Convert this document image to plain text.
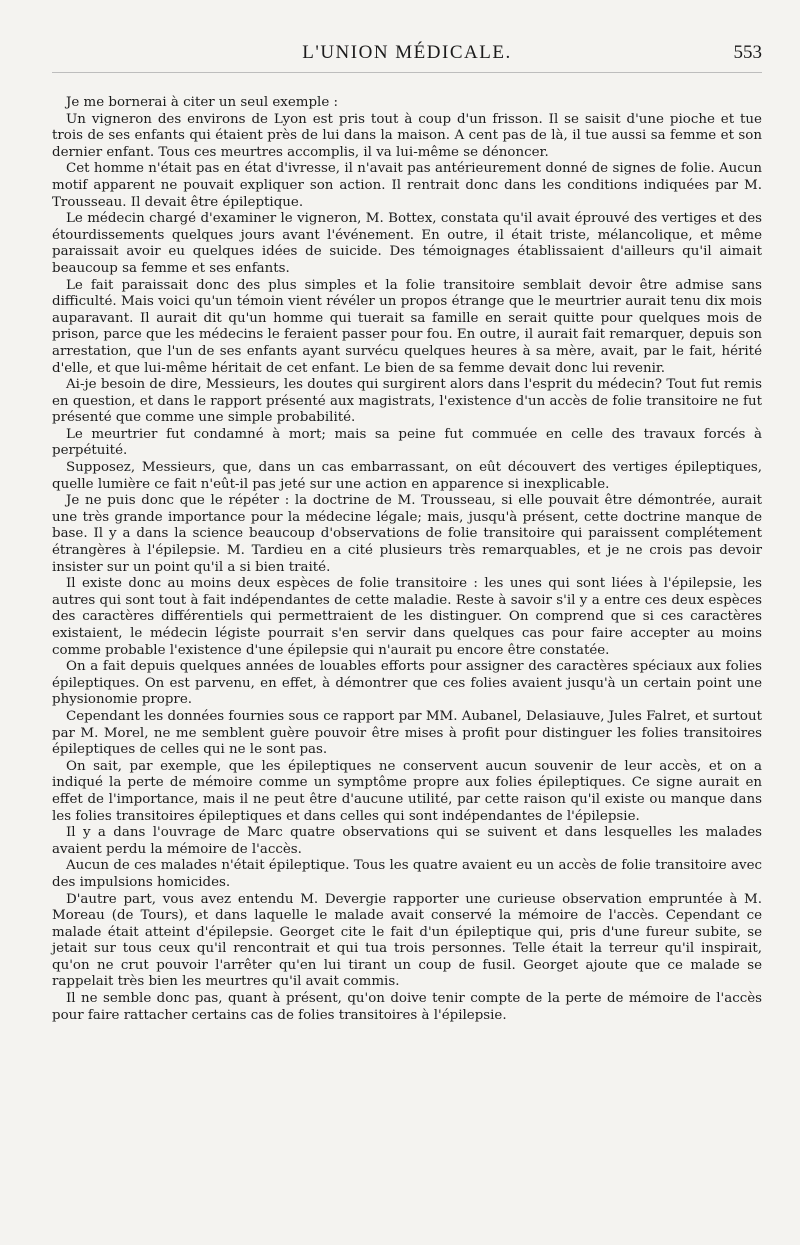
L'UNION MÉDICALE.	553

Je me bornerai à citer un seul exemple :

Un vigneron des environs de Lyon est pris tout à coup d'un frisson. Il se saisit d'une pioche et tue trois de ses enfants qui étaient près de lui dans la maison. A cent pas de là, il tue aussi sa femme et son dernier enfant. Tous ces meurtres accomplis, il va lui-même se dénoncer.

Cet homme n'était pas en état d'ivresse, il n'avait pas antérieurement donné de signes de folie. Aucun motif apparent ne pouvait expliquer son action. Il rentrait donc dans les conditions indiquées par M. Trousseau. Il devait être épileptique.

Le médecin chargé d'examiner le vigneron, M. Bottex, constata qu'il avait éprouvé des vertiges et des étourdissements quelques jours avant l'événement. En outre, il était triste, mélancolique, et même paraissait avoir eu quelques idées de suicide. Des témoignages établissaient d'ailleurs qu'il aimait beaucoup sa femme et ses enfants.

Le fait paraissait donc des plus simples et la folie transitoire semblait devoir être admise sans difficulté. Mais voici qu'un témoin vient révéler un propos étrange que le meurtrier aurait tenu dix mois auparavant. Il aurait dit qu'un homme qui tuerait sa famille en serait quitte pour quelques mois de prison, parce que les médecins le feraient passer pour fou. En outre, il aurait fait remarquer, depuis son arrestation, que l'un de ses enfants ayant survécu quelques heures à sa mère, avait, par le fait, hérité d'elle, et que lui-même héritait de cet enfant. Le bien de sa femme devait donc lui revenir.

Ai-je besoin de dire, Messieurs, les doutes qui surgirent alors dans l'esprit du médecin? Tout fut remis en question, et dans le rapport présenté aux magistrats, l'existence d'un accès de folie transitoire ne fut présenté que comme une simple probabilité.

Le meurtrier fut condamné à mort; mais sa peine fut commuée en celle des travaux forcés à perpétuité.

Supposez, Messieurs, que, dans un cas embarrassant, on eût découvert des vertiges épileptiques, quelle lumière ce fait n'eût-il pas jeté sur une action en apparence si inexplicable.

Je ne puis donc que le répéter : la doctrine de M. Trousseau, si elle pouvait être démontrée, aurait une très grande importance pour la médecine légale; mais, jusqu'à présent, cette doctrine manque de base. Il y a dans la science beaucoup d'observations de folie transitoire qui paraissent complétement étrangères à l'épilepsie. M. Tardieu en a cité plusieurs très remarquables, et je ne crois pas devoir insister sur un point qu'il a si bien traité.

Il existe donc au moins deux espèces de folie transitoire : les unes qui sont liées à l'épilepsie, les autres qui sont tout à fait indépendantes de cette maladie. Reste à savoir s'il y a entre ces deux espèces des caractères différentiels qui permettraient de les distinguer. On comprend que si ces caractères existaient, le médecin légiste pourrait s'en servir dans quelques cas pour faire accepter au moins comme probable l'existence d'une épilepsie qui n'aurait pu encore être constatée.

On a fait depuis quelques années de louables efforts pour assigner des caractères spéciaux aux folies épileptiques. On est parvenu, en effet, à démontrer que ces folies avaient jusqu'à un certain point une physionomie propre.

Cependant les données fournies sous ce rapport par MM. Aubanel, Delasiauve, Jules Falret, et surtout par M. Morel, ne me semblent guère pouvoir être mises à profit pour distinguer les folies transitoires épileptiques de celles qui ne le sont pas.

On sait, par exemple, que les épileptiques ne conservent aucun souvenir de leur accès, et on a indiqué la perte de mémoire comme un symptôme propre aux folies épileptiques. Ce signe aurait en effet de l'importance, mais il ne peut être d'aucune utilité, par cette raison qu'il existe ou manque dans les folies transitoires épileptiques et dans celles qui sont indépendantes de l'épilepsie.

Il y a dans l'ouvrage de Marc quatre observations qui se suivent et dans lesquelles les malades avaient perdu la mémoire de l'accès.

Aucun de ces malades n'était épileptique. Tous les quatre avaient eu un accès de folie transitoire avec des impulsions homicides.

D'autre part, vous avez entendu M. Devergie rapporter une curieuse observation empruntée à M. Moreau (de Tours), et dans laquelle le malade avait conservé la mémoire de l'accès. Cependant ce malade était atteint d'épilepsie. Georget cite le fait d'un épileptique qui, pris d'une fureur subite, se jetait sur tous ceux qu'il rencontrait et qui tua trois personnes. Telle était la terreur qu'il inspirait, qu'on ne crut pouvoir l'arrêter qu'en lui tirant un coup de fusil. Georget ajoute que ce malade se rappelait très bien les meurtres qu'il avait commis.

Il ne semble donc pas, quant à présent, qu'on doive tenir compte de la perte de mémoire de l'accès pour faire rattacher certains cas de folies transitoires à l'épilepsie.
